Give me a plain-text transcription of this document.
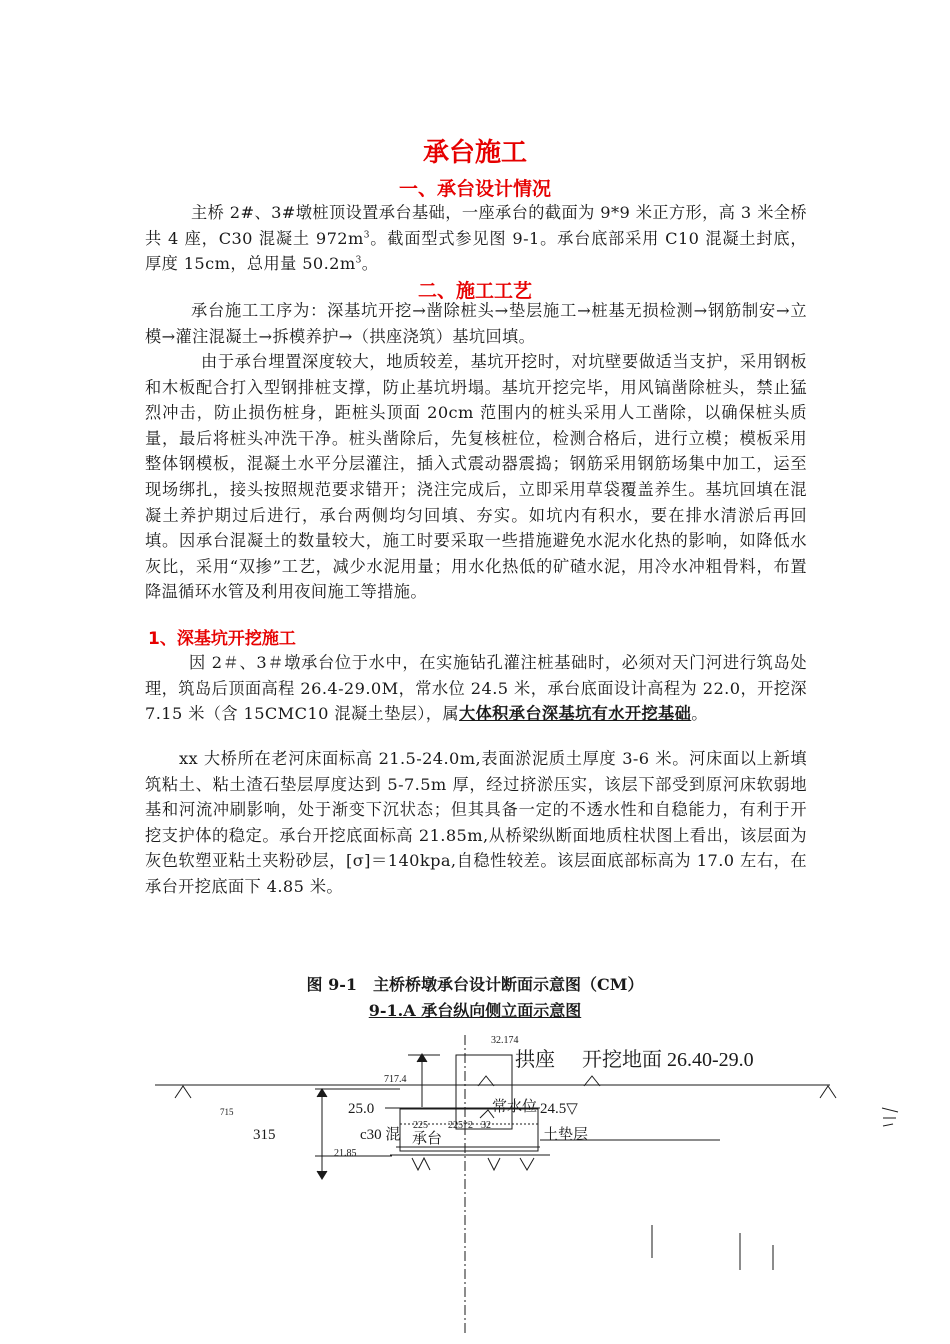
承台施工
一、承台设计情况
主桥 2#、3#墩桩顶设置承台基础，一座承台的截面为 9*9 米正方形，高 3 米全桥共 4 座，C30 混凝土 $972m^3$。截面型式参见图 9-1。承台底部采用 C10 混凝土封底，厚度 15cm，总用量 $50.2m^3$。
二、施工工艺
承台施工工序为：深基坑开挖→凿除桩头→垫层施工→桩基无损检测→钢筋制安→立模→灌注混凝土→拆模养护→（拱座浇筑）基坑回填。
由于承台埋置深度较大，地质较差，基坑开挖时，对坑壁要做适当支护，采用钢板和木板配合打入型钢排桩支撑，防止基坑坍塌。基坑开挖完毕，用风镐凿除桩头，禁止猛烈冲击，防止损伤桩身，距桩头顶面 20cm 范围内的桩头采用人工凿除，以确保桩头质量，最后将桩头冲洗干净。桩头凿除后，先复核桩位，检测合格后，进行立模；模板采用整体钢模板，混凝土水平分层灌注，插入式震动器震捣；钢筋采用钢筋场集中加工，运至现场绑扎，接头按照规范要求错开；浇注完成后，立即采用草袋覆盖养生。基坑回填在混凝土养护期过后进行，承台两侧均匀回填、夯实。如坑内有积水，要在排水清淤后再回填。因承台混凝土的数量较大，施工时要采取一些措施避免水泥水化热的影响，如降低水灰比，采用“双掺”工艺，减少水泥用量；用水化热低的矿碴水泥，用冷水冲粗骨料，布置降温循环水管及利用夜间施工等措施。
1、深基坑开挖施工
因 2＃、3＃墩承台位于水中，在实施钻孔灌注桩基础时，必须对天门河进行筑岛处理，筑岛后顶面高程 26.4-29.0M，常水位 24.5 米，承台底面设计高程为 22.0，开挖深 7.15 米（含 15CMC10 混凝土垫层），属大体积承台深基坑有水开挖基础。
xx 大桥所在老河床面标高 21.5-24.0m,表面淤泥质土厚度 3-6 米。河床面以上新填筑粘土、粘土渣石垫层厚度达到 5-7.5m 厚，经过挤淤压实，该层下部受到原河床软弱地基和河流冲刷影响，处于渐变下沉状态；但其具备一定的不透水性和自稳能力，有利于开挖支护体的稳定。承台开挖底面标高 21.85m,从桥梁纵断面地质柱状图上看出，该层面为灰色软塑亚粘土夹粉砂层，[σ]＝140kpa,自稳性较差。该层面底部标高为 17.0 左右，在承台开挖底面下 4.85 米。
图 9-1　主桥桥墩承台设计断面示意图（CM）
9-1.A 承台纵向侧立面示意图
32.174
拱座 开挖地面 26.40-29.0
717.4
715	25.0	常水位 24.5▽
315	c30 混
225 225*2 32
承台	土垫层
21.85
三
